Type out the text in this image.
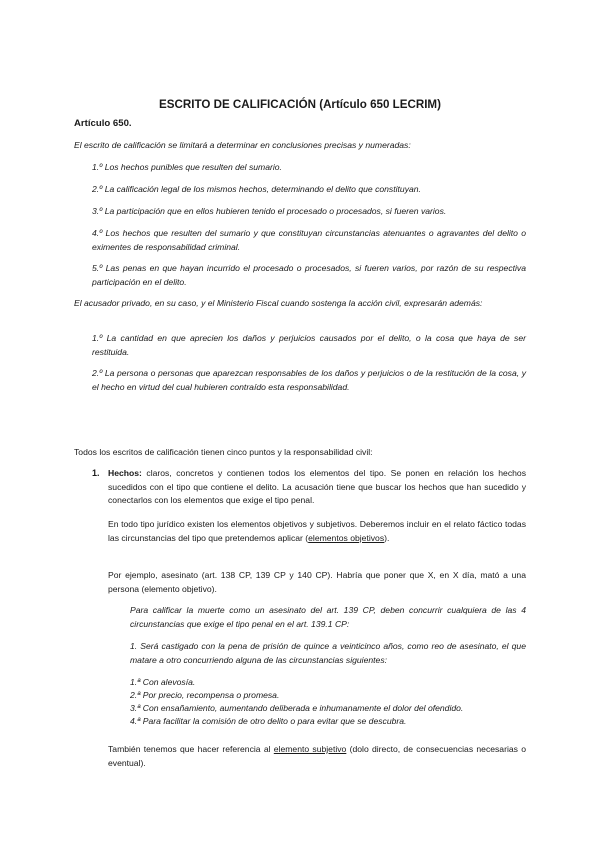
ESCRITO DE CALIFICACIÓN (Artículo 650 LECRIM)
Artículo 650.

El escrito de calificación se limitará a determinar en conclusiones precisas y numeradas:

1.º Los hechos punibles que resulten del sumario.

2.º La calificación legal de los mismos hechos, determinando el delito que constituyan.

3.º La participación que en ellos hubieren tenido el procesado o procesados, si fueren varios.

4.º Los hechos que resulten del sumario y que constituyan circunstancias atenuantes o agravantes del delito o eximentes de responsabilidad criminal.

5.º Las penas en que hayan incurrido el procesado o procesados, si fueren varios, por razón de su respectiva participación en el delito.

El acusador privado, en su caso, y el Ministerio Fiscal cuando sostenga la acción civil, expresarán además:

1.º La cantidad en que aprecien los daños y perjuicios causados por el delito, o la cosa que haya de ser restituida.

2.º La persona o personas que aparezcan responsables de los daños y perjuicios o de la restitución de la cosa, y el hecho en virtud del cual hubieren contraído esta responsabilidad.

Todos los escritos de calificación tienen cinco puntos y la responsabilidad civil:

1. Hechos: claros, concretos y contienen todos los elementos del tipo. Se ponen en relación los hechos sucedidos con el tipo que contiene el delito. La acusación tiene que buscar los hechos que han sucedido y conectarlos con los elementos que exige el tipo penal.

En todo tipo jurídico existen los elementos objetivos y subjetivos. Deberemos incluir en el relato fáctico todas las circunstancias del tipo que pretendemos aplicar (elementos objetivos).

Por ejemplo, asesinato (art. 138 CP, 139 CP y 140 CP). Habría que poner que X, en X día, mató a una persona (elemento objetivo).

Para calificar la muerte como un asesinato del art. 139 CP, deben concurrir cualquiera de las 4 circunstancias que exige el tipo penal en el art. 139.1 CP:

1. Será castigado con la pena de prisión de quince a veinticinco años, como reo de asesinato, el que matare a otro concurriendo alguna de las circunstancias siguientes:

1.ª Con alevosía.

2.ª Por precio, recompensa o promesa.

3.ª Con ensañamiento, aumentando deliberada e inhumanamente el dolor del ofendido.

4.ª Para facilitar la comisión de otro delito o para evitar que se descubra.

También tenemos que hacer referencia al elemento subjetivo (dolo directo, de consecuencias necesarias o eventual).
